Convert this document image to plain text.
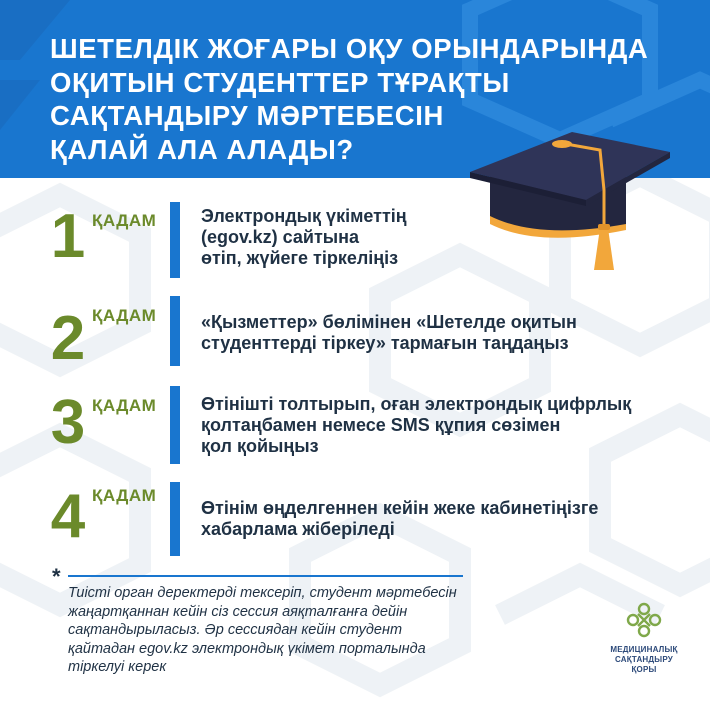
ШЕТЕЛДІК ЖОҒАРЫ ОҚУ ОРЫНДАРЫНДА
ОҚИТЫН СТУДЕНТТЕР ТҰРАҚТЫ
САҚТАНДЫРУ МӘРТЕБЕСІН
ҚАЛАЙ АЛА АЛАДЫ?
1 ҚАДАМ Электрондық үкіметтің
(egov.kz) сайтына
өтіп, жүйеге тіркеліңіз
2 ҚАДАМ «Қызметтер» бөлімінен «Шетелде оқитын
студенттерді тіркеу» тармағын таңдаңыз
3 ҚАДАМ Өтінішті толтырып, оған электрондық цифрлық
қолтаңбамен немесе SMS құпия сөзімен
қол қойыңыз
4 ҚАДАМ
Өтінім өңделгеннен кейін жеке кабинетіңізге
хабарлама жіберіледі
*
Тиісті орган деректерді тексеріп, студент мәртебесін
жаңартқаннан кейін сіз сессия аяқталғанға дейін
сақтандырыласыз. Әр сессиядан кейін студент
қайтадан egov.kz электрондық үкімет порталында
тіркелуі керек
МЕДИЦИНАЛЫҚ
САҚТАНДЫРУ
ҚОРЫ
